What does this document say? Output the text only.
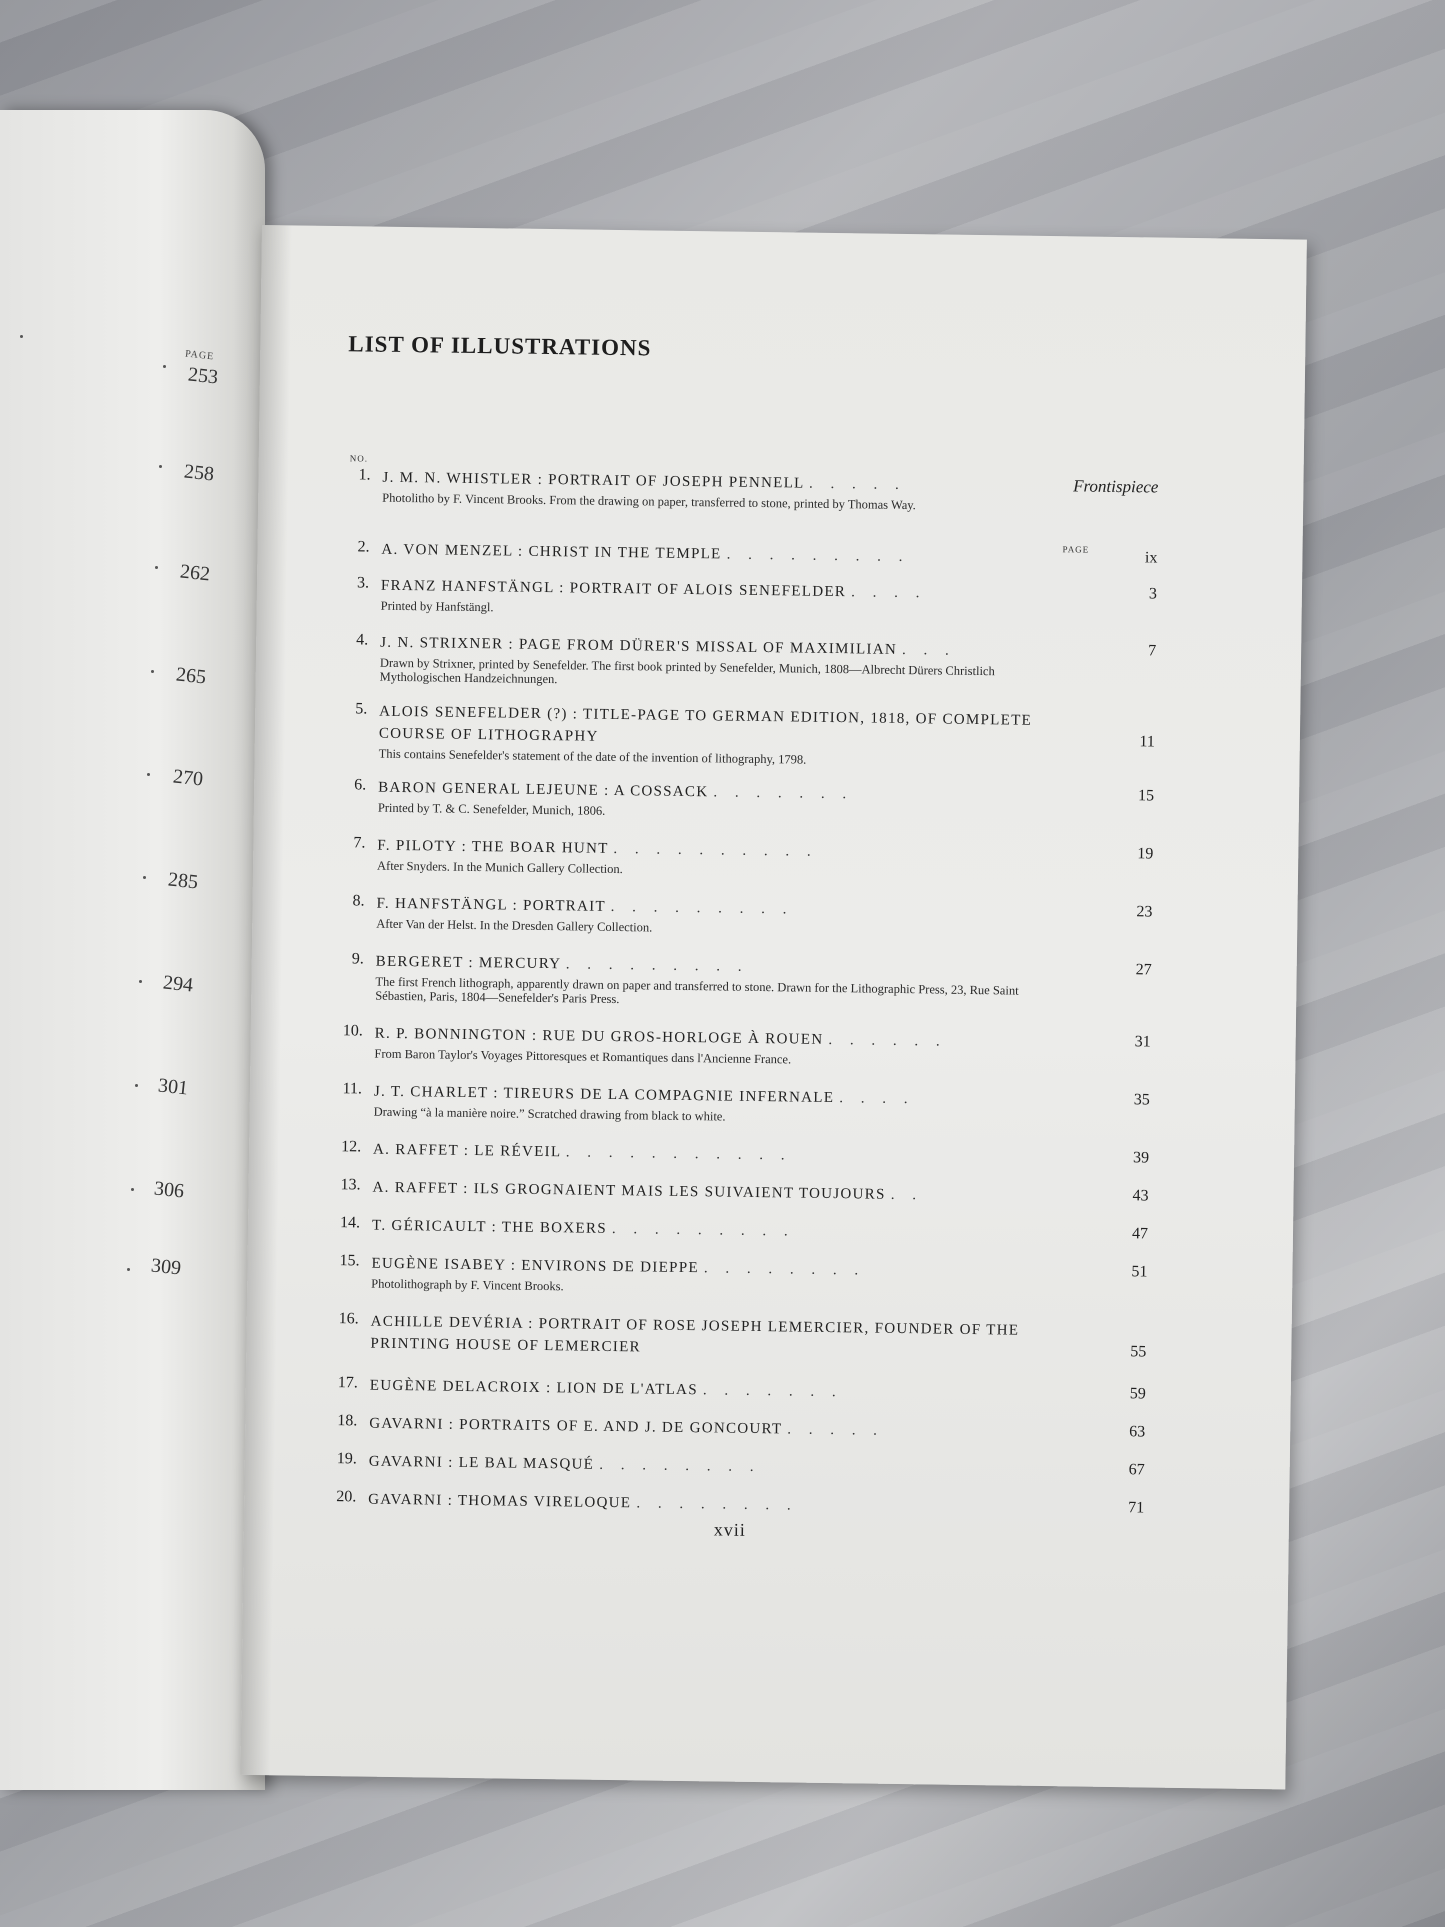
PAGE
253
258
262
265
270
285
294
301
306
309
LIST OF ILLUSTRATIONS
NO.
PAGE
1. J. M. N. WHISTLER : PORTRAIT OF JOSEPH PENNELL . . . . .	Frontispiece
Photolitho by F. Vincent Brooks. From the drawing on paper, transferred to stone, printed by Thomas Way.
2. A. VON MENZEL : CHRIST IN THE TEMPLE . . . . . . . . .	ix
3. FRANZ HANFSTÄNGL : PORTRAIT OF ALOIS SENEFELDER . . . .	3
Printed by Hanfstängl.
4. J. N. STRIXNER : PAGE FROM DÜRER'S MISSAL OF MAXIMILIAN . . .	7
Drawn by Strixner, printed by Senefelder. The first book printed by Senefelder, Munich, 1808—Albrecht Dürers Christlich Mythologischen Handzeichnungen.
5. ALOIS SENEFELDER (?) : TITLE-PAGE TO GERMAN EDITION, 1818, OF COMPLETE COURSE OF LITHOGRAPHY	11
This contains Senefelder's statement of the date of the invention of lithography, 1798.
6. BARON GENERAL LEJEUNE : A COSSACK . . . . . . .	15
Printed by T. & C. Senefelder, Munich, 1806.
7. F. PILOTY : THE BOAR HUNT . . . . . . . . . .	19
After Snyders. In the Munich Gallery Collection.
8. F. HANFSTÄNGL : PORTRAIT . . . . . . . . .	23
After Van der Helst. In the Dresden Gallery Collection.
9. BERGERET : MERCURY . . . . . . . . .	27
The first French lithograph, apparently drawn on paper and transferred to stone. Drawn for the Lithographic Press, 23, Rue Saint Sébastien, Paris, 1804—Senefelder's Paris Press.
10. R. P. BONNINGTON : RUE DU GROS-HORLOGE À ROUEN . . . . . .	31
From Baron Taylor's Voyages Pittoresques et Romantiques dans l'Ancienne France.
11. J. T. CHARLET : TIREURS DE LA COMPAGNIE INFERNALE . . . .	35
Drawing “à la manière noire.” Scratched drawing from black to white.
12. A. RAFFET : LE RÉVEIL . . . . . . . . . . .	39
13. A. RAFFET : ILS GROGNAIENT MAIS LES SUIVAIENT TOUJOURS . .	43
14. T. GÉRICAULT : THE BOXERS . . . . . . . . .	47
15. EUGÈNE ISABEY : ENVIRONS DE DIEPPE . . . . . . . .	51
Photolithograph by F. Vincent Brooks.
16. ACHILLE DEVÉRIA : PORTRAIT OF ROSE JOSEPH LEMERCIER, FOUNDER OF THE PRINTING HOUSE OF LEMERCIER	55
17. EUGÈNE DELACROIX : LION DE L'ATLAS . . . . . . .	59
18. GAVARNI : PORTRAITS OF E. AND J. DE GONCOURT . . . . .	63
19. GAVARNI : LE BAL MASQUÉ . . . . . . . .	67
20. GAVARNI : THOMAS VIRELOQUE . . . . . . . .	71
xvii
